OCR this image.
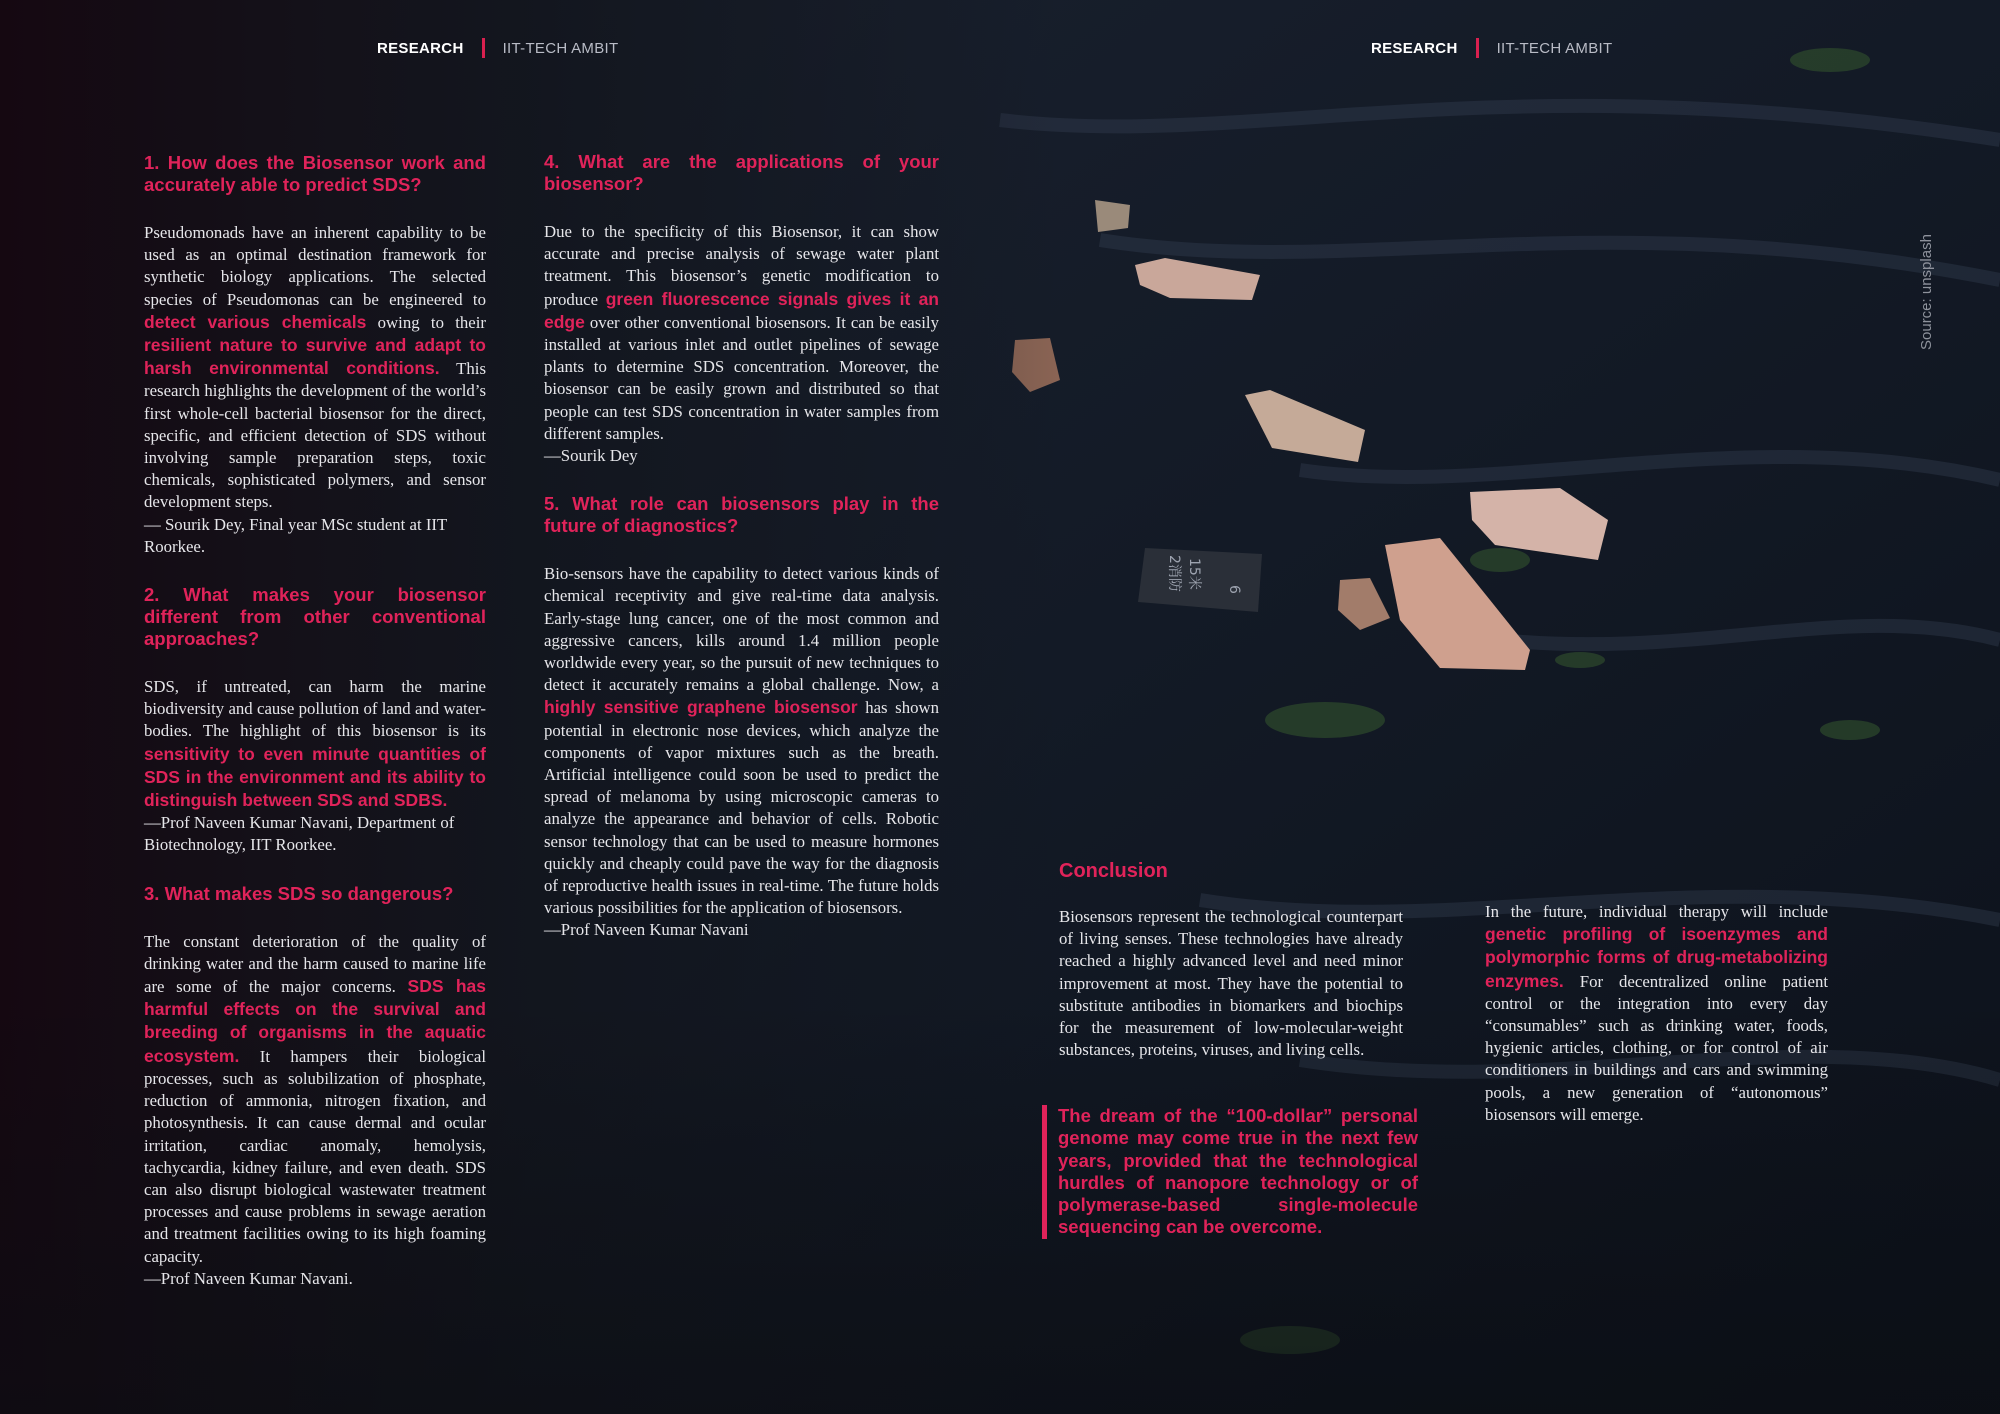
6
15米
2消防
RESEARCH	IIT-TECH AMBIT	RESEARCH	IIT-TECH AMBIT
Source: unsplash
1. How does the Biosensor work and accurately able to predict SDS?

Pseudomonads have an inherent capability to be used as an optimal destination framework for synthetic biology applications. The selected species of Pseudomonas can be engineered to detect various chemicals owing to their resilient nature to survive and adapt to harsh environmental conditions. This research highlights the development of the world’s first whole-cell bacterial biosensor for the direct, specific, and efficient detection of SDS without involving sample preparation steps, toxic chemicals, sophisticated polymers, and sensor development steps.
— Sourik Dey, Final year MSc student at IIT Roorkee.

2. What makes your biosensor different from other conventional approaches?

SDS, if untreated, can harm the marine biodiversity and cause pollution of land and water-bodies. The highlight of this biosensor is its sensitivity to even minute quantities of SDS in the environment and its ability to distinguish between SDS and SDBS.
—Prof Naveen Kumar Navani, Department of Biotechnology, IIT Roorkee.

3. What makes SDS so dangerous?

The constant deterioration of the quality of drinking water and the harm caused to marine life are some of the major concerns. SDS has harmful effects on the survival and breeding of organisms in the aquatic ecosystem. It hampers their biological processes, such as solubilization of phosphate, reduction of ammonia, nitrogen fixation, and photosynthesis. It can cause dermal and ocular irritation, cardiac anomaly, hemolysis, tachycardia, kidney failure, and even death. SDS can also disrupt biological wastewater treatment processes and cause problems in sewage aeration and treatment facilities owing to its high foaming capacity.
—Prof Naveen Kumar Navani.

4. What are the applications of your biosensor?

Due to the specificity of this Biosensor, it can show accurate and precise analysis of sewage water plant treatment. This biosensor’s genetic modification to produce green fluorescence signals gives it an edge over other conventional biosensors. It can be easily installed at various inlet and outlet pipelines of sewage plants to determine SDS concentration. Moreover, the biosensor can be easily grown and distributed so that people can test SDS concentration in water samples from different samples.
—Sourik Dey

5. What role can biosensors play in the future of diagnostics?

Bio-sensors have the capability to detect various kinds of chemical receptivity and give real-time data analysis. Early-stage lung cancer, one of the most common and aggressive cancers, kills around 1.4 million people worldwide every year, so the pursuit of new techniques to detect it accurately remains a global challenge. Now, a highly sensitive graphene biosensor has shown potential in electronic nose devices, which analyze the components of vapor mixtures such as the breath. Artificial intelligence could soon be used to predict the spread of melanoma by using microscopic cameras to analyze the appearance and behavior of cells. Robotic sensor technology that can be used to measure hormones quickly and cheaply could pave the way for the diagnosis of reproductive health issues in real-time. The future holds various possibilities for the application of biosensors.
—Prof Naveen Kumar Navani

Conclusion

Biosensors represent the technological counterpart of living senses. These technologies have already reached a highly advanced level and need minor improvement at most. They have the potential to substitute antibodies in biomarkers and biochips for the measurement of low-molecular-weight substances, proteins, viruses, and living cells.

The dream of the “100-dollar” personal genome may come true in the next few years, provided that the technological hurdles of nanopore technology or of polymerase-based single-molecule sequencing can be overcome.

In the future, individual therapy will include genetic profiling of isoenzymes and polymorphic forms of drug-metabolizing enzymes. For decentralized online patient control or the integration into every day “consumables” such as drinking water, foods, hygienic articles, clothing, or for control of air conditioners in buildings and cars and swimming pools, a new generation of “autonomous” biosensors will emerge.
